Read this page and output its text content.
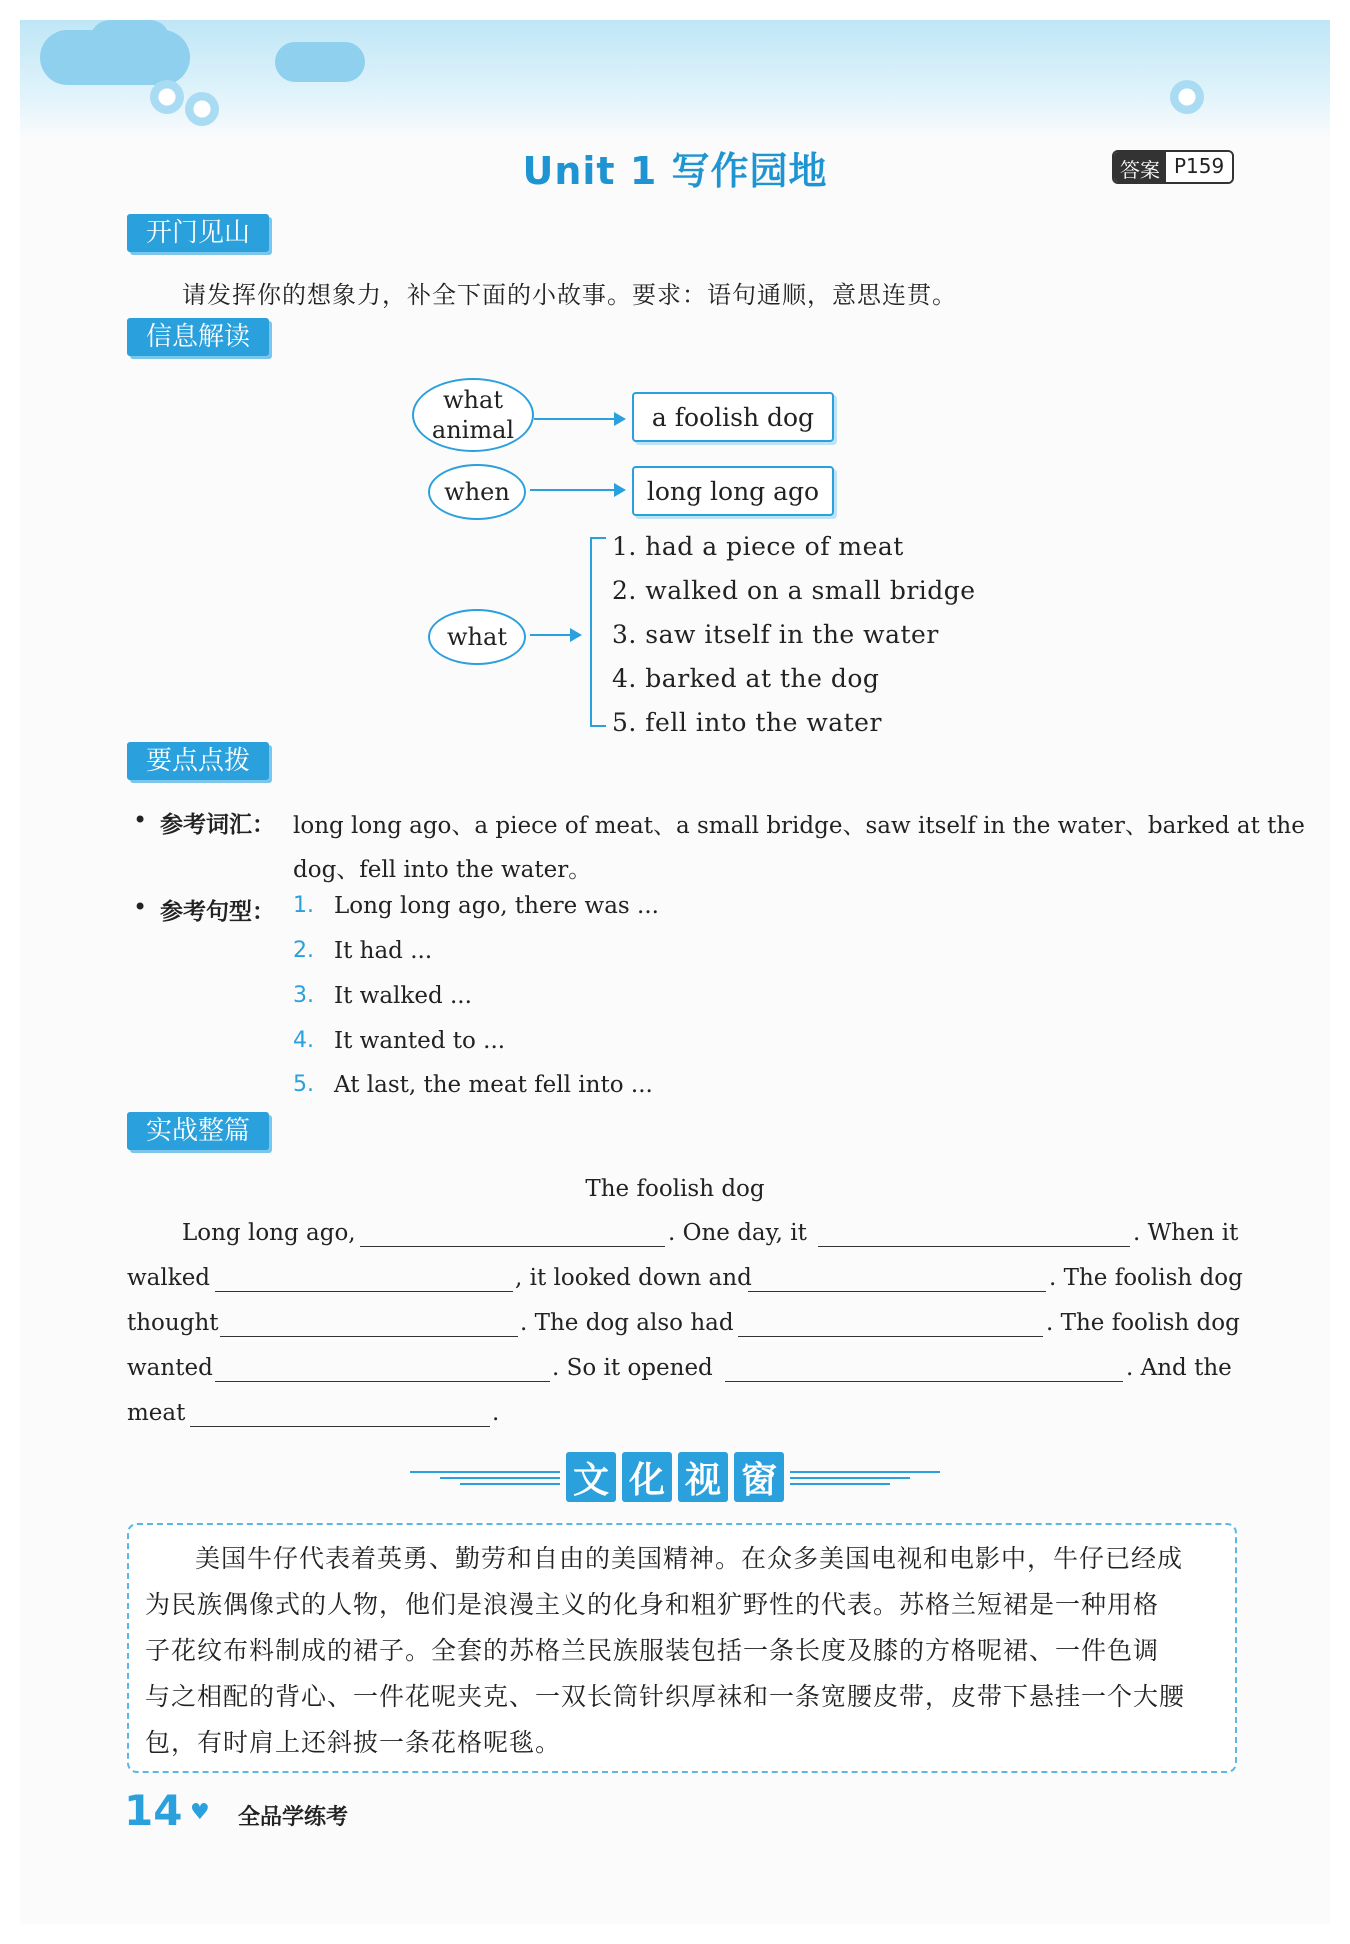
Unit 1 写作园地	答案 P159
开门见山
请发挥你的想象力，补全下面的小故事。要求：语句通顺，意思连贯。
信息解读
what
animal	a foolish dog
when	long long ago
what
1. had a piece of meat
2. walked on a small bridge
3. saw itself in the water
4. barked at the dog
5. fell into the water
要点点拨
• 参考词汇： long long ago、a piece of meat、a small bridge、saw itself in the water、barked at the
dog、fell into the water。
• 参考句型： 1. Long long ago, there was ...
2. It had ...
3. It walked ...
4. It wanted to ...
5. At last, the meat fell into ...
实战整篇
The foolish dog
Long long ago,	. One day, it	. When it
walked	, it looked down and	. The foolish dog
thought	. The dog also had	. The foolish dog
wanted	. So it opened	. And the
meat	.
文 化 视 窗
美国牛仔代表着英勇、勤劳和自由的美国精神。在众多美国电视和电影中，牛仔已经成
为民族偶像式的人物，他们是浪漫主义的化身和粗犷野性的代表。苏格兰短裙是一种用格
子花纹布料制成的裙子。全套的苏格兰民族服装包括一条长度及膝的方格呢裙、一件色调
与之相配的背心、一件花呢夹克、一双长筒针织厚袜和一条宽腰皮带，皮带下悬挂一个大腰
包，有时肩上还斜披一条花格呢毯。
14 ♥ 全品学练考
